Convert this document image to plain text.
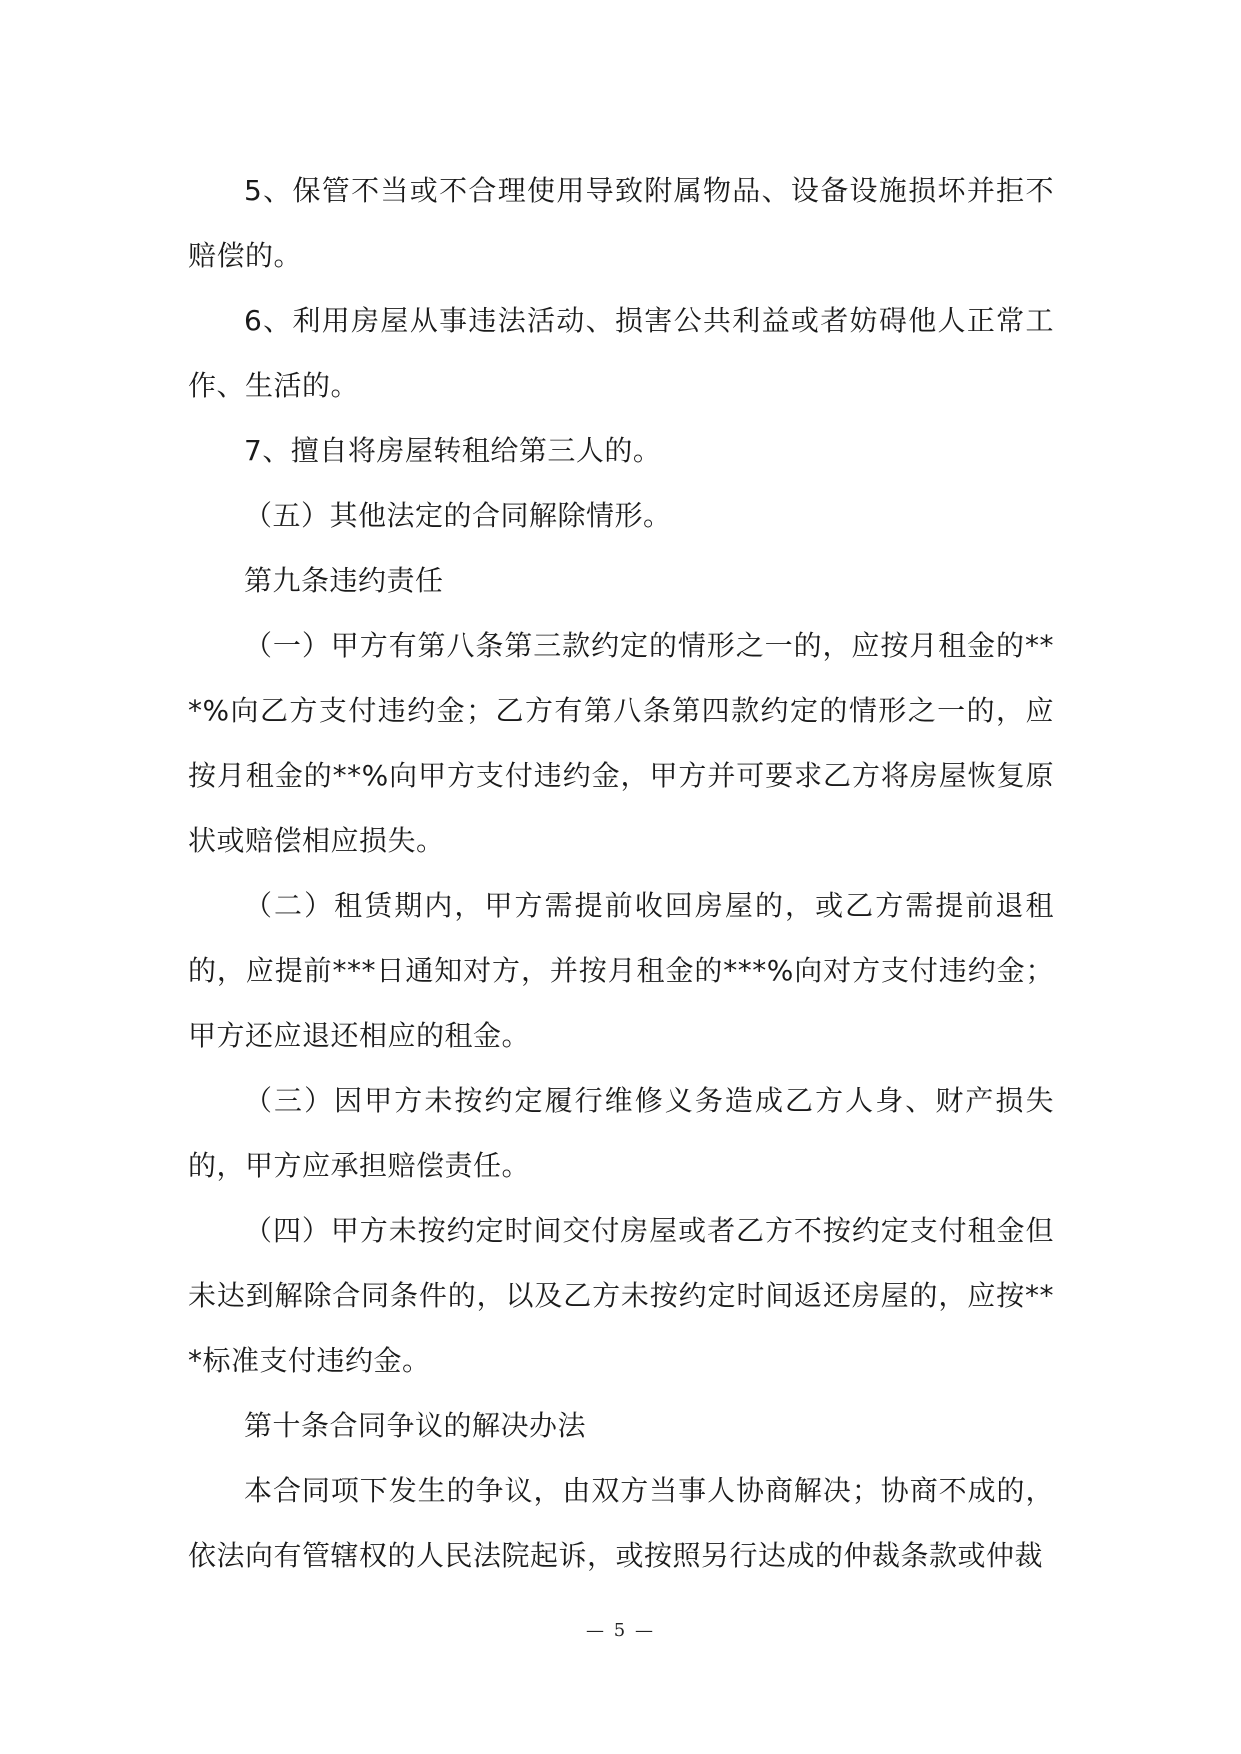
5、保管不当或不合理使用导致附属物品、设备设施损坏并拒不赔偿的。

6、利用房屋从事违法活动、损害公共利益或者妨碍他人正常工作、生活的。

7、擅自将房屋转租给第三人的。

（五）其他法定的合同解除情形。

第九条违约责任

（一）甲方有第八条第三款约定的情形之一的，应按月租金的***%向乙方支付违约金；乙方有第八条第四款约定的情形之一的，应按月租金的**%向甲方支付违约金，甲方并可要求乙方将房屋恢复原状或赔偿相应损失。

（二）租赁期内，甲方需提前收回房屋的，或乙方需提前退租的，应提前***日通知对方，并按月租金的***%向对方支付违约金；甲方还应退还相应的租金。

（三）因甲方未按约定履行维修义务造成乙方人身、财产损失的，甲方应承担赔偿责任。

（四）甲方未按约定时间交付房屋或者乙方不按约定支付租金但未达到解除合同条件的，以及乙方未按约定时间返还房屋的，应按***标准支付违约金。

第十条合同争议的解决办法

本合同项下发生的争议，由双方当事人协商解决；协商不成的，依法向有管辖权的人民法院起诉，或按照另行达成的仲裁条款或仲裁

— 5 —
